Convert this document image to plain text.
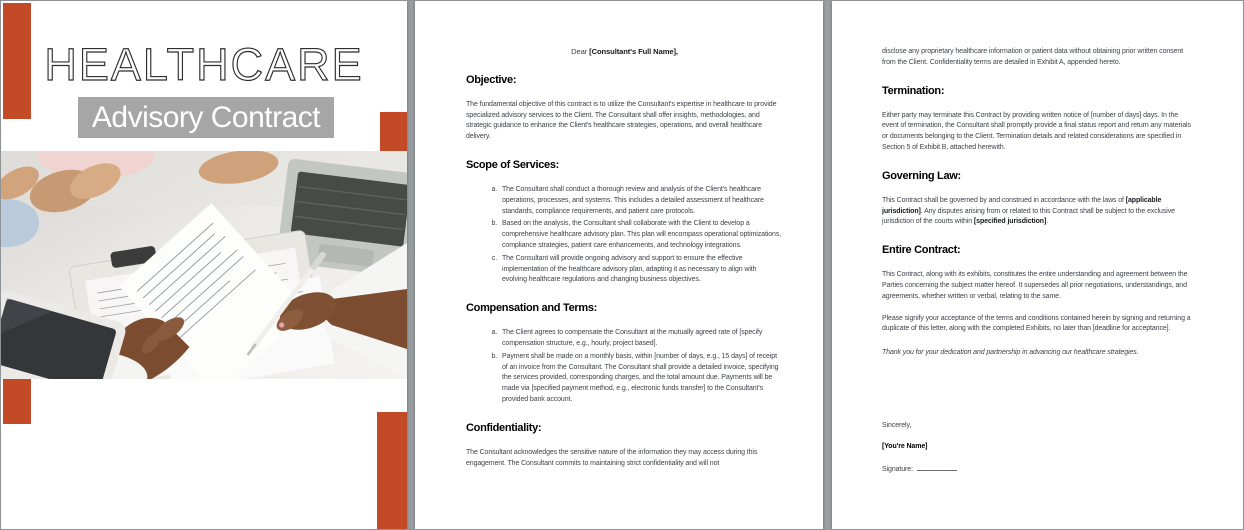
HEALTHCARE
Advisory Contract

Dear [Consultant's Full Name],

Objective:

The fundamental objective of this contract is to utilize the Consultant's expertise in healthcare to provide specialized advisory services to the Client. The Consultant shall offer insights, methodologies, and strategic guidance to enhance the Client's healthcare strategies, operations, and overall healthcare delivery.

Scope of Services:
a. The Consultant shall conduct a thorough review and analysis of the Client's healthcare operations, processes, and systems. This includes a detailed assessment of healthcare standards, compliance requirements, and patient care protocols.
b. Based on the analysis, the Consultant shall collaborate with the Client to develop a comprehensive healthcare advisory plan. This plan will encompass operational optimizations, compliance strategies, patient care enhancements, and technology integrations.
c. The Consultant will provide ongoing advisory and support to ensure the effective implementation of the healthcare advisory plan, adapting it as necessary to align with evolving healthcare regulations and changing business objectives.
Compensation and Terms:
a. The Client agrees to compensate the Consultant at the mutually agreed rate of [specify compensation structure, e.g., hourly, project based].
b. Payment shall be made on a monthly basis, within [number of days, e.g., 15 days] of receipt of an invoice from the Consultant. The Consultant shall provide a detailed invoice, specifying the services provided, corresponding charges, and the total amount due. Payments will be made via [specified payment method, e.g., electronic funds transfer] to the Consultant's provided bank account.
Confidentiality:

The Consultant acknowledges the sensitive nature of the information they may access during this engagement. The Consultant commits to maintaining strict confidentiality and will not

disclose any proprietary healthcare information or patient data without obtaining prior written consent from the Client. Confidentiality terms are detailed in Exhibit A, appended hereto.

Termination:

Either party may terminate this Contract by providing written notice of [number of days] days. In the event of termination, the Consultant shall promptly provide a final status report and return any materials or documents belonging to the Client. Termination details and related considerations are specified in Section 5 of Exhibit B, attached herewith.

Governing Law:

This Contract shall be governed by and construed in accordance with the laws of [applicable jurisdiction]. Any disputes arising from or related to this Contract shall be subject to the exclusive jurisdiction of the courts within [specified jurisdiction].

Entire Contract:

This Contract, along with its exhibits, constitutes the entire understanding and agreement between the Parties concerning the subject matter hereof. It supersedes all prior negotiations, understandings, and agreements, whether written or verbal, relating to the same.

Please signify your acceptance of the terms and conditions contained herein by signing and returning a duplicate of this letter, along with the completed Exhibits, no later than [deadline for acceptance].

Thank you for your dedication and partnership in advancing our healthcare strategies.

Sincerely,

[You're Name]

Signature:
